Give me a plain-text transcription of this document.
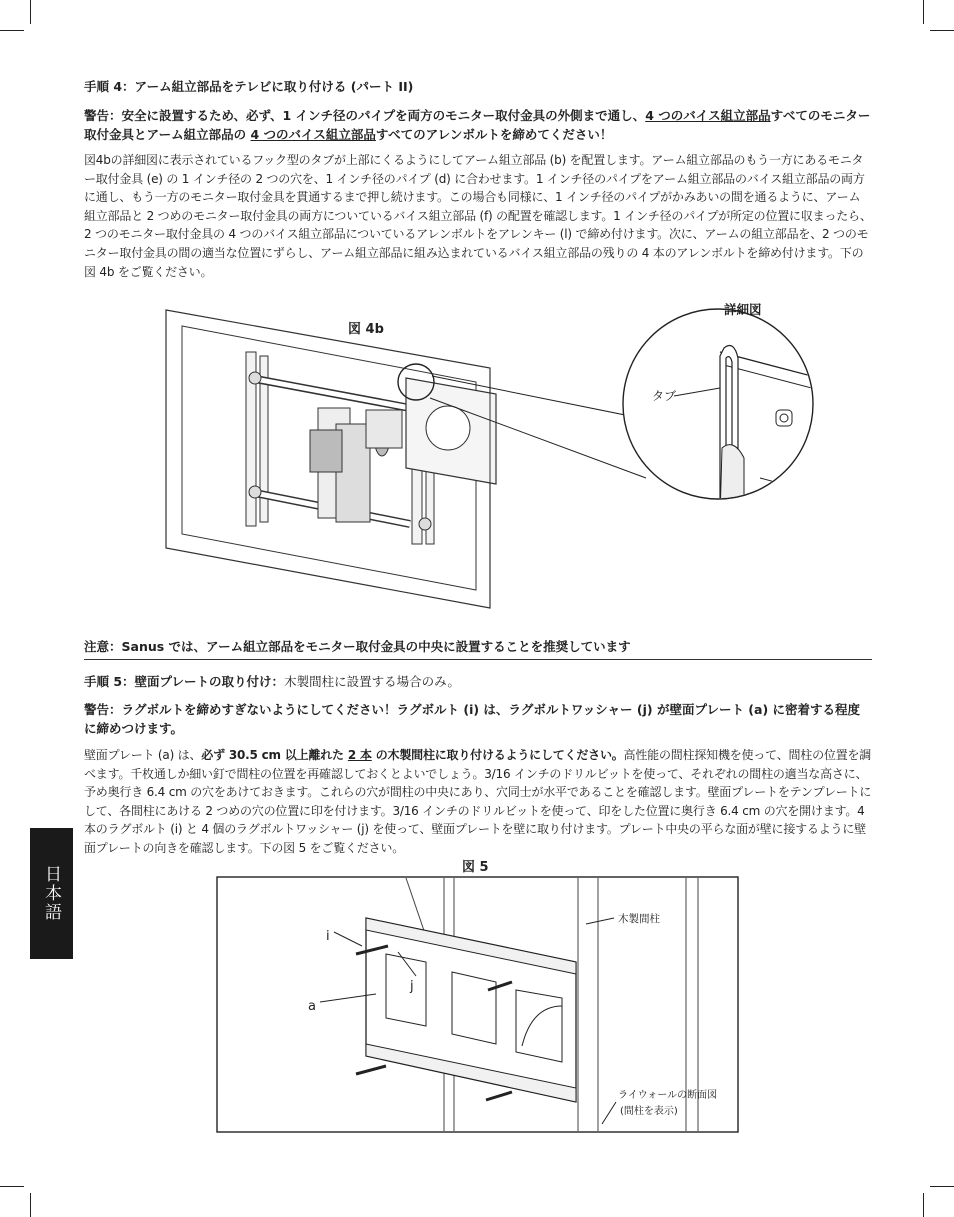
手順 4：アーム組立部品をテレビに取り付ける (パート II)
警告：安全に設置するため、必ず、1 インチ径のパイプを両方のモニター取付金具の外側まで通し、4 つのバイス組立部品すべてのモニター取付金具とアーム組立部品の 4 つのバイス組立部品すべてのアレンボルトを締めてください！
図4bの詳細図に表示されているフック型のタブが上部にくるようにしてアーム組立部品 (b) を配置します。アーム組立部品のもう一方にあるモニター取付金具 (e) の 1 インチ径の 2 つの穴を、1 インチ径のパイプ (d) に合わせます。1 インチ径のパイプをアーム組立部品のバイス組立部品の両方に通し、もう一方のモニター取付金具を貫通するまで押し続けます。この場合も同様に、1 インチ径のパイプがかみあいの間を通るように、アーム組立部品と 2 つめのモニター取付金具の両方についているバイス組立部品 (f) の配置を確認します。1 インチ径のパイプが所定の位置に収まったら、2 つのモニター取付金具の 4 つのバイス組立部品についているアレンボルトをアレンキー (l) で締め付けます。次に、アームの組立部品を、2 つのモニター取付金具の間の適当な位置にずらし、アーム組立部品に組み込まれているバイス組立部品の残りの 4 本のアレンボルトを締め付けます。下の図 4b をご覧ください。
図 4b
詳細図
タブ
注意：Sanus では、アーム組立部品をモニター取付金具の中央に設置することを推奨しています
手順 5：壁面プレートの取り付け：木製間柱に設置する場合のみ。
警告：ラグボルトを締めすぎないようにしてください！ラグボルト (i) は、ラグボルトワッシャー (j) が壁面プレート (a) に密着する程度に締めつけます。
壁面プレート (a) は、必ず 30.5 cm 以上離れた 2 本 の木製間柱に取り付けるようにしてください。高性能の間柱探知機を使って、間柱の位置を調べます。千枚通しか細い釘で間柱の位置を再確認しておくとよいでしょう。3/16 インチのドリルビットを使って、それぞれの間柱の適当な高さに、予め奥行き 6.4 cm の穴をあけておきます。これらの穴が間柱の中央にあり、穴同士が水平であることを確認します。壁面プレートをテンプレートにして、各間柱にあける 2 つめの穴の位置に印を付けます。3/16 インチのドリルビットを使って、印をした位置に奥行き 6.4 cm の穴を開けます。4 本のラグボルト (i) と 4 個のラグボルトワッシャー (j) を使って、壁面プレートを壁に取り付けます。プレート中央の平らな面が壁に接するように壁面プレートの向きを確認します。下の図 5 をご覧ください。
図 5
i
j
a
木製間柱
ライウォールの断面図
(間柱を表示)
日本語
